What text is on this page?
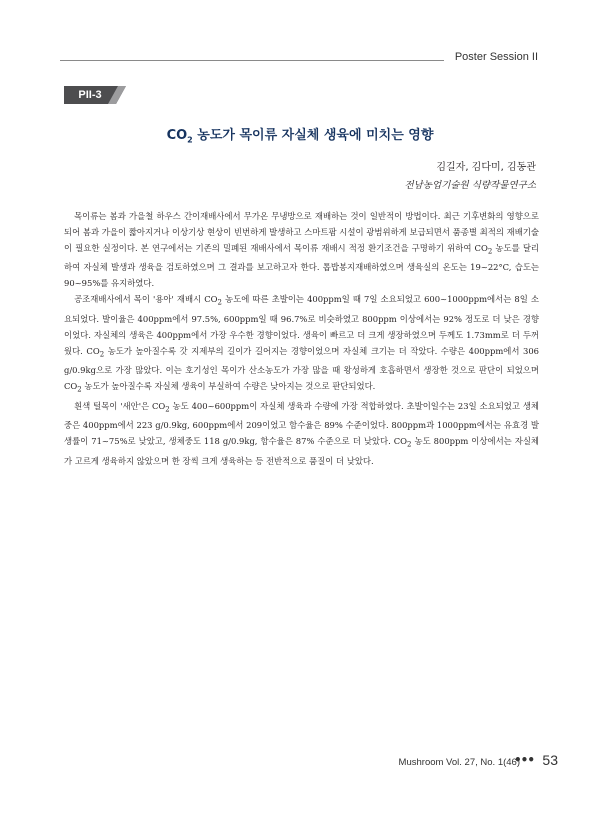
Poster Session II
PII-3
$CO_2$ 농도가 목이류 자실체 생육에 미치는 영향
김길자, 김다미, 김동관
전남농업기술원 식량작물연구소

목이류는 봄과 가을철 하우스 간이재배사에서 무가온 무냉방으로 재배하는 것이 일반적이 방법이다. 최근 기후변화의 영향으로 되어 봄과 가을이 짧아지거나 이상기상 현상이 빈번하게 발생하고 스마트팜 시설이 광범위하게 보급되면서 품종별 최적의 재배기술이 필요한 실정이다. 본 연구에서는 기존의 밀폐된 재배사에서 목이류 재배시 적정 환기조건을 구명하기 위하여 $CO_2$ 농도를 달리하여 자실체 발생과 생육을 검토하였으며 그 결과를 보고하고자 한다. 톱밥봉지재배하였으며 생육실의 온도는 19~22°C, 습도는 90~95%를 유지하였다.

공조재배사에서 목이 '용아' 재배시 $CO_2$ 농도에 따른 초발이는 400ppm일 때 7일 소요되었고 600~1000ppm에서는 8일 소요되었다. 발이율은 400ppm에서 97.5%, 600ppm일 때 96.7%로 비슷하였고 800ppm 이상에서는 92% 정도로 더 낮은 경향이었다. 자실체의 생육은 400ppm에서 가장 우수한 경향이었다. 생육이 빠르고 더 크게 생장하였으며 두께도 1.73mm로 더 두꺼웠다. $CO_2$ 농도가 높아질수록 갓 지제부의 길이가 길어지는 경향이었으며 자실체 크기는 더 작았다. 수량은 400ppm에서 306 g/0.9kg으로 가장 많았다. 이는 호기성인 목이가 산소농도가 가장 많을 때 왕성하게 호흡하면서 생장한 것으로 판단이 되었으며 $CO_2$ 농도가 높아질수록 자실체 생육이 부실하여 수량은 낮아지는 것으로 판단되었다.

흰색 털목이 '새안'은 $CO_2$ 농도 400~600ppm이 자실체 생육과 수량에 가장 적합하였다. 초발이일수는 23일 소요되었고 생체중은 400ppm에서 223 g/0.9kg, 600ppm에서 209이었고 함수율은 89% 수준이었다. 800ppm과 1000ppm에서는 유효경 발생률이 71~75%로 낮았고, 생체중도 118 g/0.9kg, 함수율은 87% 수준으로 더 낮았다. $CO_2$ 농도 800ppm 이상에서는 자실체가 고르게 생육하지 않았으며 한 장씩 크게 생육하는 등 전반적으로 품질이 더 낮았다.

Mushroom Vol. 27, No. 1(46)
••• 53
